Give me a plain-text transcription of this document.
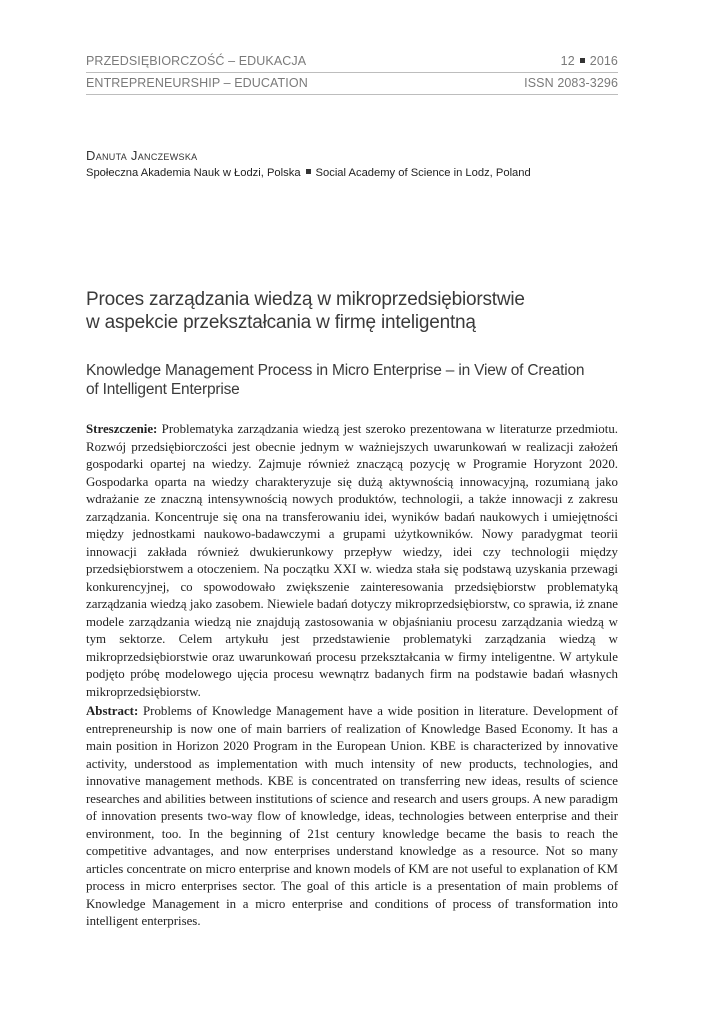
PRZEDSIĘBIORCZOŚĆ – EDUKACJA	12 2016
ENTREPRENEURSHIP – EDUCATION	ISSN 2083-3296
Danuta Janczewska
Społeczna Akademia Nauk w Łodzi, Polska Social Academy of Science in Lodz, Poland
Proces zarządzania wiedzą w mikroprzedsiębiorstwie
w aspekcie przekształcania w firmę inteligentną
Knowledge Management Process in Micro Enterprise – in View of Creation
of Intelligent Enterprise
Streszczenie: Problematyka zarządzania wiedzą jest szeroko prezentowana w literaturze przedmiotu. Rozwój przedsiębiorczości jest obecnie jednym w ważniejszych uwarunkowań w realizacji założeń gospodarki opartej na wiedzy. Zajmuje również znaczącą pozycję w Programie Horyzont 2020. Gospodarka oparta na wiedzy charakteryzuje się dużą aktywnością innowacyjną, rozumianą jako wdrażanie ze znaczną intensywnością nowych produktów, technologii, a także innowacji z zakresu zarządzania. Koncentruje się ona na transferowaniu idei, wyników badań naukowych i umiejętności między jednostkami naukowo-badawczymi a grupami użytkowników. Nowy paradygmat teorii innowacji zakłada również dwukierunkowy przepływ wiedzy, idei czy technologii między przedsiębiorstwem a otoczeniem. Na początku XXI w. wiedza stała się podstawą uzyskania przewagi konkurencyjnej, co spowodowało zwiększenie zainteresowania przedsiębiorstw problematyką zarządzania wiedzą jako zasobem. Niewiele badań dotyczy mikroprzedsiębiorstw, co sprawia, iż znane modele zarządzania wiedzą nie znajdują zastosowania w objaśnianiu procesu zarządzania wiedzą w tym sektorze. Celem artykułu jest przedstawienie problematyki zarządzania wiedzą w mikroprzedsiębiorstwie oraz uwarunkowań procesu przekształcania w firmy inteligentne. W artykule podjęto próbę modelowego ujęcia procesu wewnątrz badanych firm na podstawie badań własnych mikroprzedsiębiorstw.
Abstract: Problems of Knowledge Management have a wide position in literature. Development of entrepreneurship is now one of main barriers of realization of Knowledge Based Economy. It has a main position in Horizon 2020 Program in the European Union. KBE is characterized by innovative activity, understood as implementation with much intensity of new products, technologies, and innovative management methods. KBE is concentrated on transferring new ideas, results of science researches and abilities between institutions of science and research and users groups. A new paradigm of innovation presents two-way flow of knowledge, ideas, technologies between enterprise and their environment, too. In the beginning of 21st century knowledge became the basis to reach the competitive advantages, and now enterprises understand knowledge as a resource. Not so many articles concentrate on micro enterprise and known models of KM are not useful to explanation of KM process in micro enterprises sector. The goal of this article is a presentation of main problems of Knowledge Management in a micro enterprise and conditions of process of transformation into intelligent enterprises.
